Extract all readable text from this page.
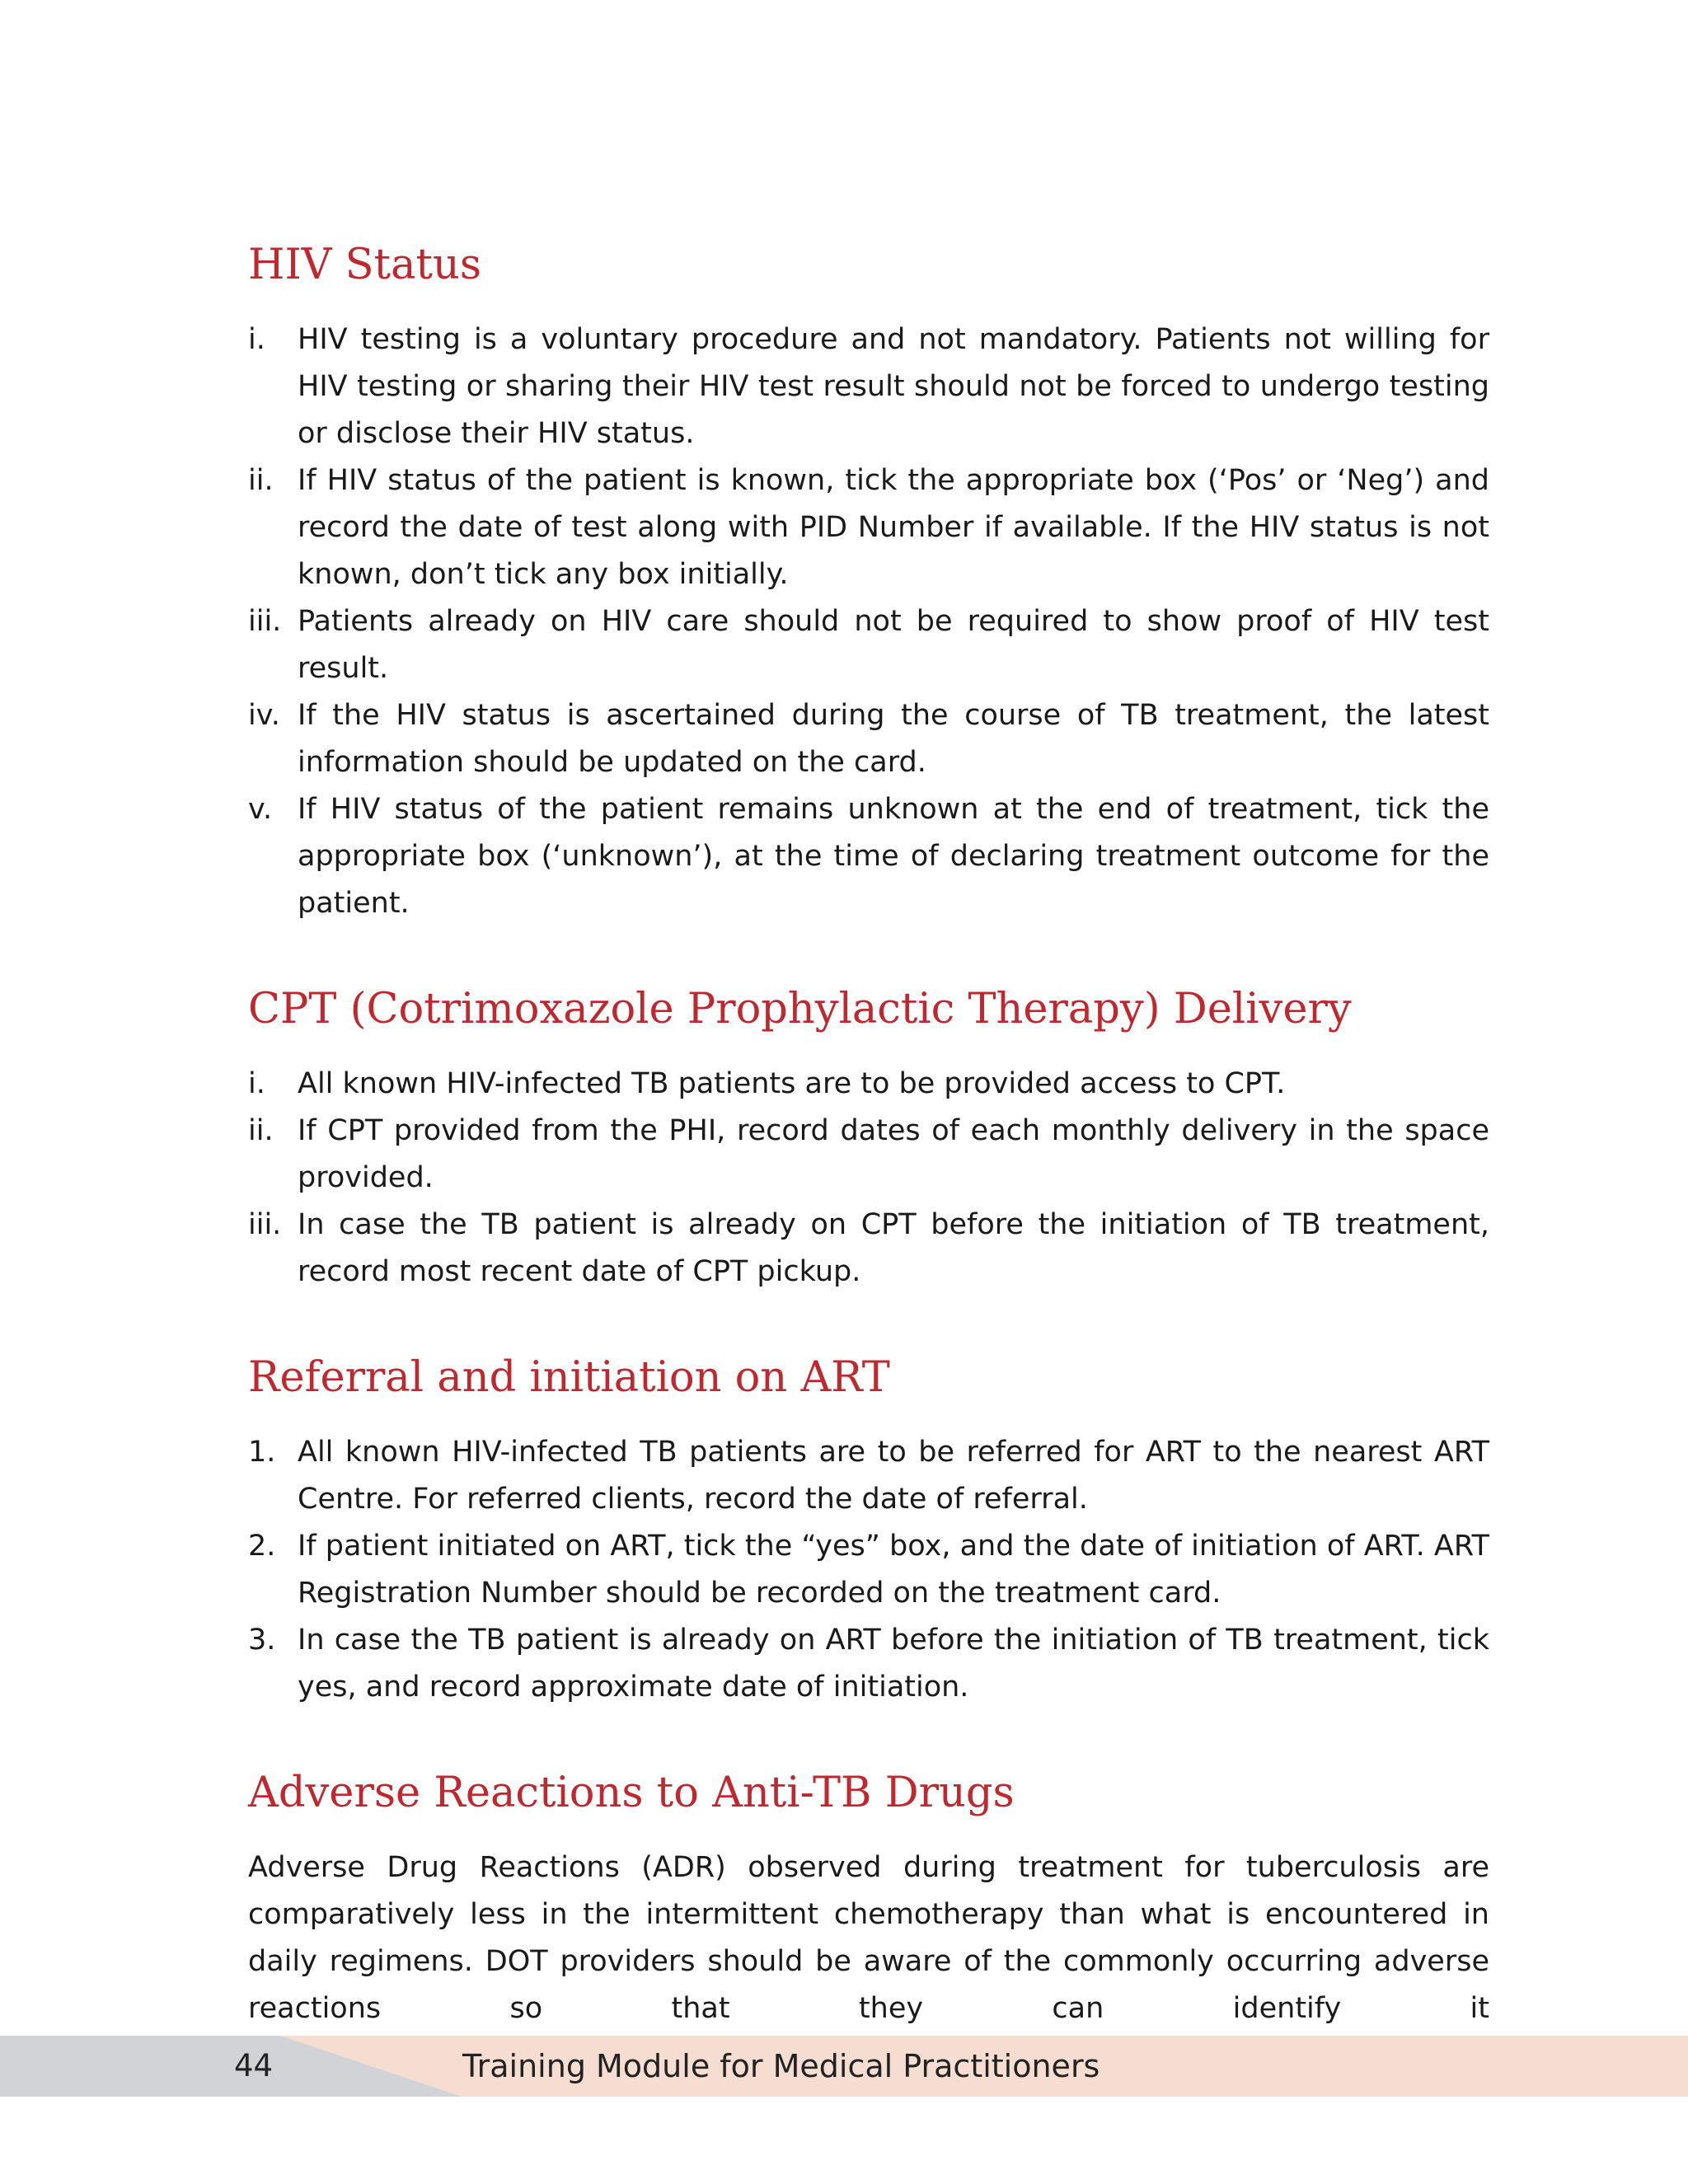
HIV Status
i. HIV testing is a voluntary procedure and not mandatory. Patients not willing for HIV testing or sharing their HIV test result should not be forced to undergo testing or disclose their HIV status.
ii. If HIV status of the patient is known, tick the appropriate box (‘Pos’ or ‘Neg’) and record the date of test along with PID Number if available. If the HIV status is not known, don’t tick any box initially.
iii. Patients already on HIV care should not be required to show proof of HIV test result.
iv. If the HIV status is ascertained during the course of TB treatment, the latest information should be updated on the card.
v. If HIV status of the patient remains unknown at the end of treatment, tick the appropriate box (‘unknown’), at the time of declaring treatment outcome for the patient.
CPT (Cotrimoxazole Prophylactic Therapy) Delivery
i. All known HIV-infected TB patients are to be provided access to CPT.
ii. If CPT provided from the PHI, record dates of each monthly delivery in the space provided.
iii. In case the TB patient is already on CPT before the initiation of TB treatment, record most recent date of CPT pickup.
Referral and initiation on ART
1. All known HIV-infected TB patients are to be referred for ART to the nearest ART Centre. For referred clients, record the date of referral.
2. If patient initiated on ART, tick the “yes” box, and the date of initiation of ART. ART Registration Number should be recorded on the treatment card.
3. In case the TB patient is already on ART before the initiation of TB treatment, tick yes, and record approximate date of initiation.
Adverse Reactions to Anti-TB Drugs

Adverse Drug Reactions (ADR) observed during treatment for tuberculosis are comparatively less in the intermittent chemotherapy than what is encountered in daily regimens. DOT providers should be aware of the commonly occurring adverse reactions so that they can identify it

44	Training Module for Medical Practitioners
